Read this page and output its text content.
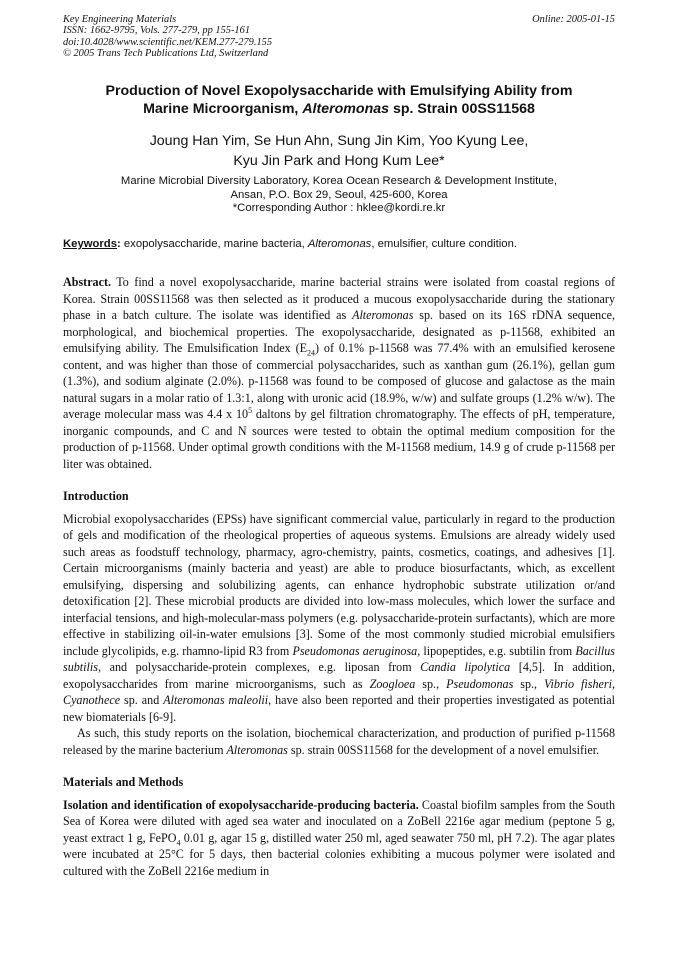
Key Engineering Materials
ISSN: 1662-9795, Vols. 277-279, pp 155-161
doi:10.4028/www.scientific.net/KEM.277-279.155
© 2005 Trans Tech Publications Ltd, Switzerland
Online: 2005-01-15
Production of Novel Exopolysaccharide with Emulsifying Ability from
Marine Microorganism, Alteromonas sp. Strain 00SS11568
Joung Han Yim, Se Hun Ahn, Sung Jin Kim, Yoo Kyung Lee,
Kyu Jin Park and Hong Kum Lee*
Marine Microbial Diversity Laboratory, Korea Ocean Research & Development Institute,
Ansan, P.O. Box 29, Seoul, 425-600, Korea
*Corresponding Author : hklee@kordi.re.kr
Keywords: exopolysaccharide, marine bacteria, Alteromonas, emulsifier, culture condition.

Abstract. To find a novel exopolysaccharide, marine bacterial strains were isolated from coastal regions of Korea. Strain 00SS11568 was then selected as it produced a mucous exopolysaccharide during the stationary phase in a batch culture. The isolate was identified as Alteromonas sp. based on its 16S rDNA sequence, morphological, and biochemical properties. The exopolysaccharide, designated as p-11568, exhibited an emulsifying ability. The Emulsification Index $(E_{24})$ of 0.1% p-11568 was 77.4% with an emulsified kerosene content, and was higher than those of commercial polysaccharides, such as xanthan gum (26.1%), gellan gum (1.3%), and sodium alginate (2.0%). p-11568 was found to be composed of glucose and galactose as the main natural sugars in a molar ratio of 1.3:1, along with uronic acid (18.9%, w/w) and sulfate groups (1.2% w/w). The average molecular mass was 4.4 x $10^5$ daltons by gel filtration chromatography. The effects of pH, temperature, inorganic compounds, and C and N sources were tested to obtain the optimal medium composition for the production of p-11568. Under optimal growth conditions with the M-11568 medium, 14.9 g of crude p-11568 per liter was obtained.

Introduction

Microbial exopolysaccharides (EPSs) have significant commercial value, particularly in regard to the production of gels and modification of the rheological properties of aqueous systems. Emulsions are already widely used such areas as foodstuff technology, pharmacy, agro-chemistry, paints, cosmetics, coatings, and adhesives [1]. Certain microorganisms (mainly bacteria and yeast) are able to produce biosurfactants, which, as excellent emulsifying, dispersing and solubilizing agents, can enhance hydrophobic substrate utilization or/and detoxification [2]. These microbial products are divided into low-mass molecules, which lower the surface and interfacial tensions, and high-molecular-mass polymers (e.g. polysaccharide-protein surfactants), which are more effective in stabilizing oil-in-water emulsions [3]. Some of the most commonly studied microbial emulsifiers include glycolipids, e.g. rhamno-lipid R3 from Pseudomonas aeruginosa, lipopeptides, e.g. subtilin from Bacillus subtilis, and polysaccharide-protein complexes, e.g. liposan from Candia lipolytica [4,5]. In addition, exopolysaccharides from marine microorganisms, such as Zoogloea sp., Pseudomonas sp., Vibrio fisheri, Cyanothece sp. and Alteromonas maleolii, have also been reported and their properties investigated as potential new biomaterials [6-9].

As such, this study reports on the isolation, biochemical characterization, and production of purified p-11568 released by the marine bacterium Alteromonas sp. strain 00SS11568 for the development of a novel emulsifier.

Materials and Methods

Isolation and identification of exopolysaccharide-producing bacteria. Coastal biofilm samples from the South Sea of Korea were diluted with aged sea water and inoculated on a ZoBell 2216e agar medium (peptone 5 g, yeast extract 1 g, FePO$_4$ 0.01 g, agar 15 g, distilled water 250 ml, aged seawater 750 ml, pH 7.2). The agar plates were incubated at 25°C for 5 days, then bacterial colonies exhibiting a mucous polymer were isolated and cultured with the ZoBell 2216e medium in
